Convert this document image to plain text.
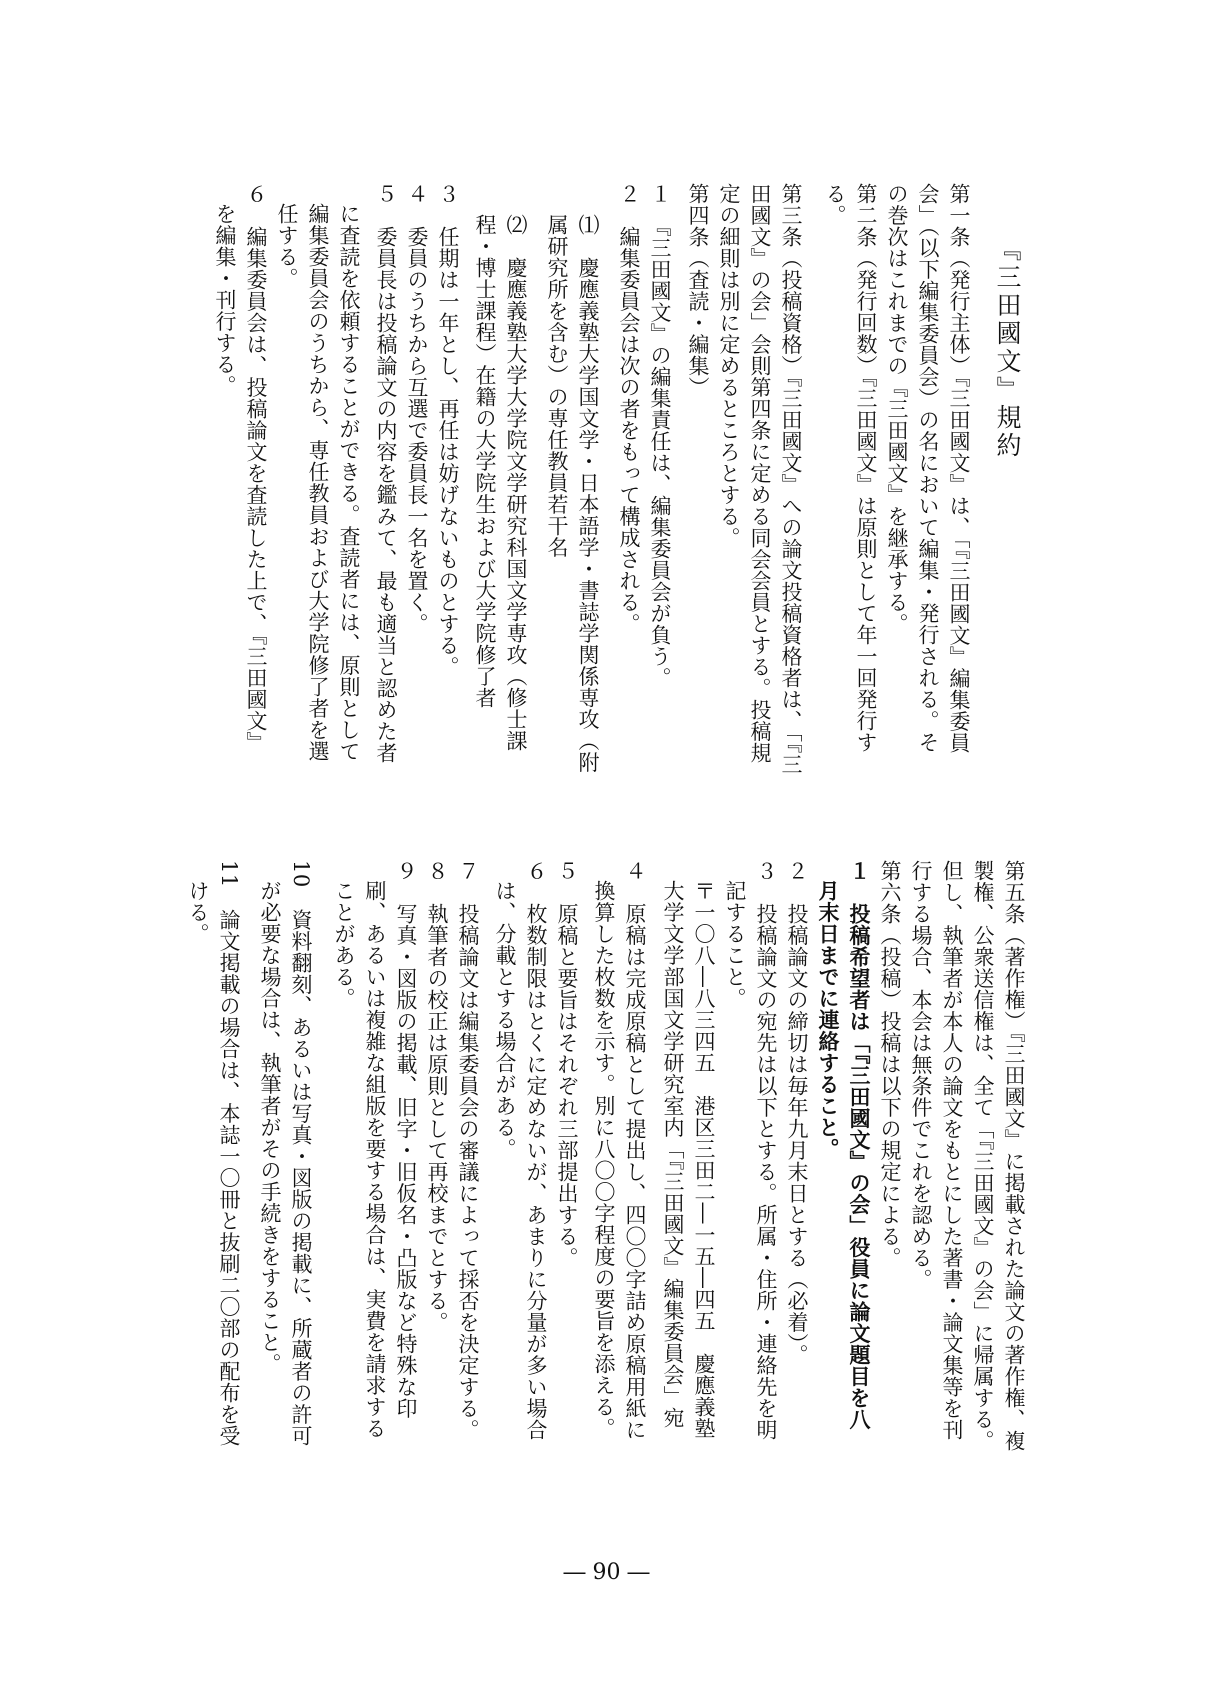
『三田國文』規約
第一条（発行主体）『三田國文』は、「『三田國文』編集委員
会」（以下編集委員会）の名において編集・発行される。そ
の巻次はこれまでの『三田國文』を継承する。
第二条（発行回数）『三田國文』は原則として年一回発行す
る。
第三条（投稿資格）『三田國文』への論文投稿資格者は、「『三
田國文』の会」会則第四条に定める同会会員とする。投稿規
定の細則は別に定めるところとする。
第四条（査読・編集）
１　『三田國文』の編集責任は、編集委員会が負う。
２　編集委員会は次の者をもって構成される。
⑴　慶應義塾大学国文学・日本語学・書誌学関係専攻（附
属研究所を含む）の専任教員若干名
⑵　慶應義塾大学大学院文学研究科国文学専攻（修士課
程・博士課程）在籍の大学院生および大学院修了者
３　任期は一年とし、再任は妨げないものとする。
４　委員のうちから互選で委員長一名を置く。
５　委員長は投稿論文の内容を鑑みて、最も適当と認めた者
に査読を依頼することができる。査読者には、原則として
編集委員会のうちから、専任教員および大学院修了者を選
任する。
６　編集委員会は、投稿論文を査読した上で、『三田國文』
を編集・刊行する。
第五条（著作権）『三田國文』に掲載された論文の著作権、複
製権、公衆送信権は、全て「『三田國文』の会」に帰属する。
但し、執筆者が本人の論文をもとにした著書・論文集等を刊
行する場合、本会は無条件でこれを認める。
第六条（投稿）投稿は以下の規定による。
１　投稿希望者は「『三田國文』の会」役員に論文題目を八
月末日までに連絡すること。
２　投稿論文の締切は毎年九月末日とする（必着）。
３　投稿論文の宛先は以下とする。所属・住所・連絡先を明
記すること。
〒一〇八―八三四五　港区三田二―一五―四五　慶應義塾
大学文学部国文学研究室内「『三田國文』編集委員会」宛
４　原稿は完成原稿として提出し、四〇〇字詰め原稿用紙に
換算した枚数を示す。別に八〇〇字程度の要旨を添える。
５　原稿と要旨はそれぞれ三部提出する。
６　枚数制限はとくに定めないが、あまりに分量が多い場合
は、分載とする場合がある。
７　投稿論文は編集委員会の審議によって採否を決定する。
８　執筆者の校正は原則として再校までとする。
９　写真・図版の掲載、旧字・旧仮名・凸版など特殊な印
刷、あるいは複雑な組版を要する場合は、実費を請求する
ことがある。
10　資料翻刻、あるいは写真・図版の掲載に、所蔵者の許可
が必要な場合は、執筆者がその手続きをすること。
11　論文掲載の場合は、本誌一〇冊と抜刷二〇部の配布を受
ける。
― 90 ―
